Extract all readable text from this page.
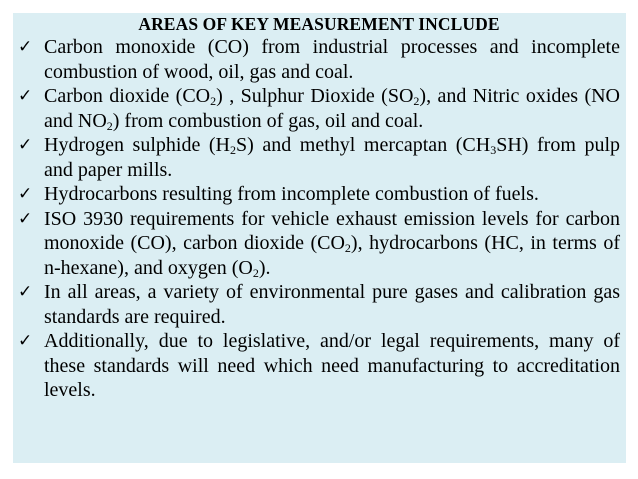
AREAS OF KEY MEASUREMENT INCLUDE
✓ Carbon monoxide (CO) from industrial processes and incomplete combustion of wood, oil, gas and coal.
✓ Carbon dioxide $(CO_2)$ , Sulphur Dioxide $(SO_2)$, and Nitric oxides (NO and $NO_2$) from combustion of gas, oil and coal.
✓ Hydrogen sulphide $(H_2S)$ and methyl mercaptan $(CH_3SH)$ from pulp and paper mills.
✓ Hydrocarbons resulting from incomplete combustion of fuels.
✓ ISO 3930 requirements for vehicle exhaust emission levels for carbon monoxide (CO), carbon dioxide $(CO_2)$, hydrocarbons (HC, in terms of n-hexane), and oxygen $(O_2)$.
✓ In all areas, a variety of environmental pure gases and calibration gas standards are required.
✓ Additionally, due to legislative, and/or legal requirements, many of these standards will need which need manufacturing to accreditation levels.
